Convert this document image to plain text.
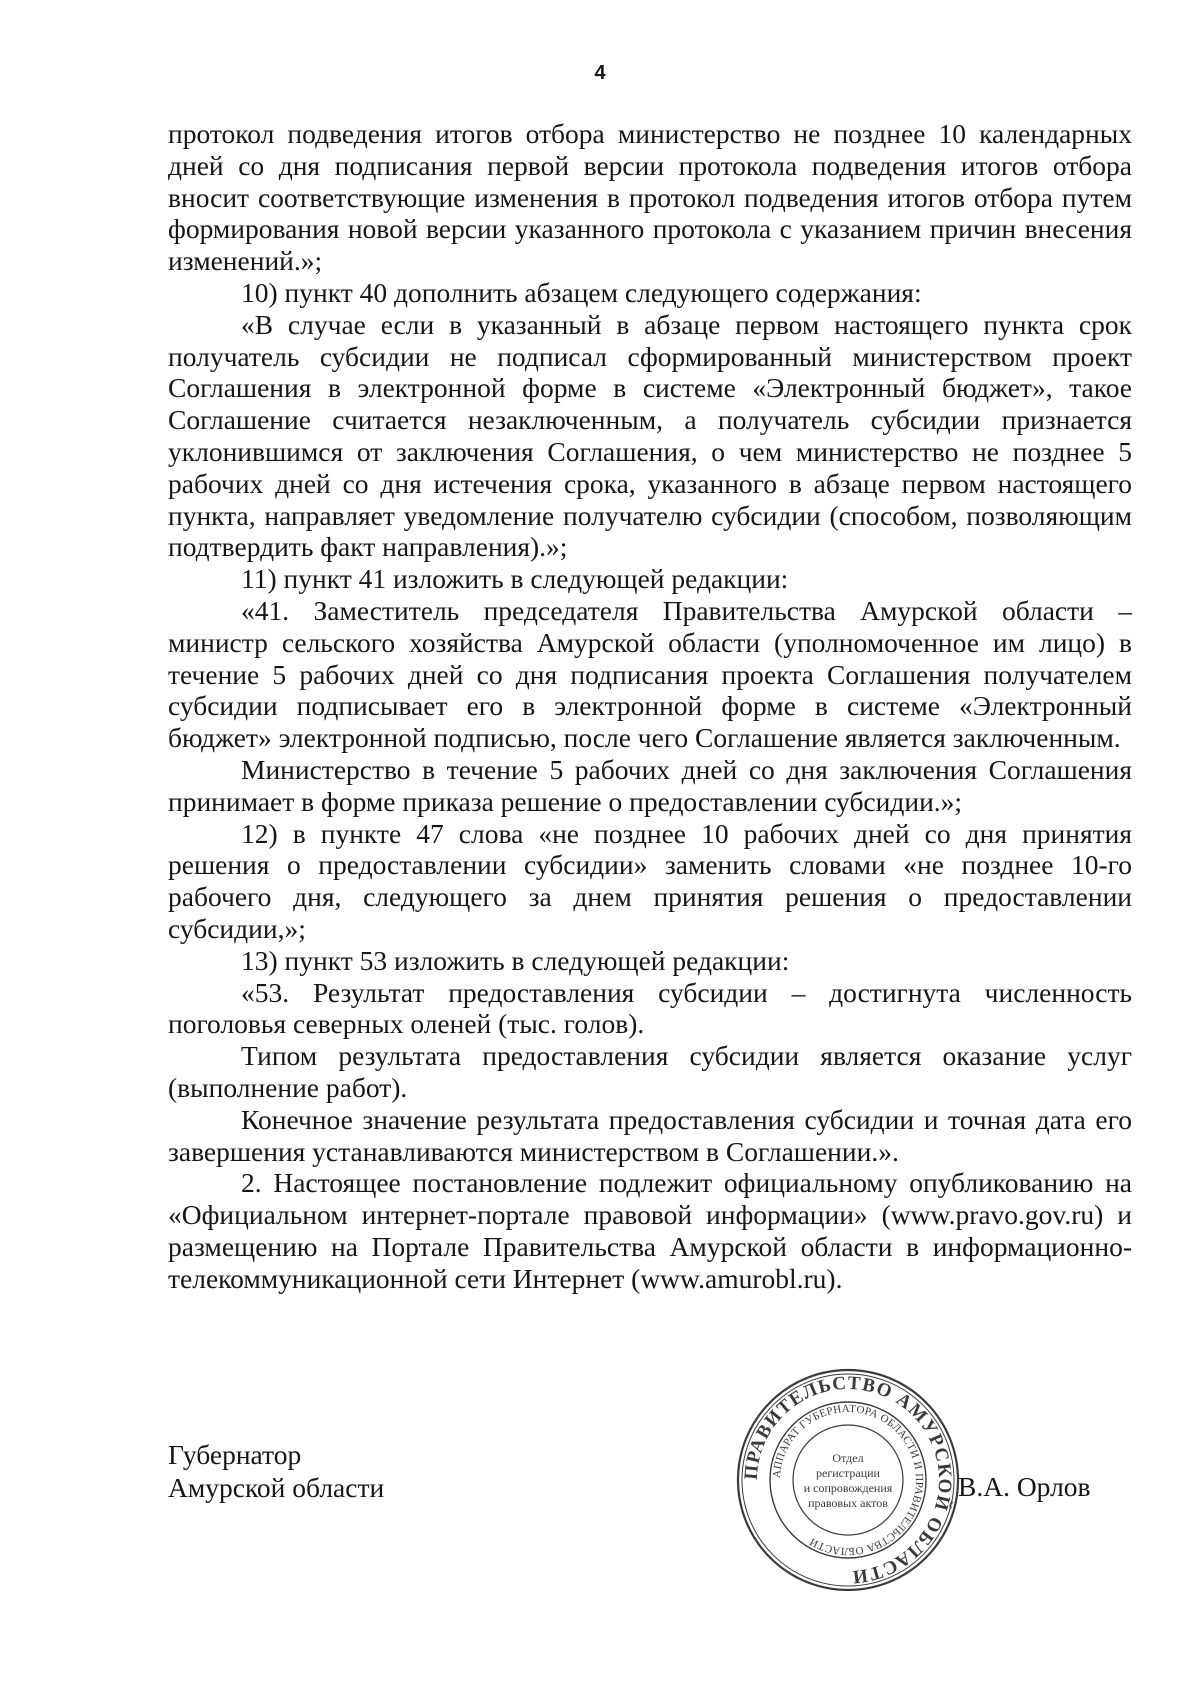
4

протокол подведения итогов отбора министерство не позднее 10 календарных дней со дня подписания первой версии протокола подведения итогов отбора вносит соответствующие изменения в протокол подведения итогов отбора путем формирования новой версии указанного протокола с указанием причин внесения изменений.»;

10) пункт 40 дополнить абзацем следующего содержания:

«В случае если в указанный в абзаце первом настоящего пункта срок получатель субсидии не подписал сформированный министерством проект Соглашения в электронной форме в системе «Электронный бюджет», такое Соглашение считается незаключенным, а получатель субсидии признается уклонившимся от заключения Соглашения, о чем министерство не позднее 5 рабочих дней со дня истечения срока, указанного в абзаце первом настоящего пункта, направляет уведомление получателю субсидии (способом, позволяющим подтвердить факт направления).»;

11) пункт 41 изложить в следующей редакции:

«41. Заместитель председателя Правительства Амурской области – министр сельского хозяйства Амурской области (уполномоченное им лицо) в течение 5 рабочих дней со дня подписания проекта Соглашения получателем субсидии подписывает его в электронной форме в системе «Электронный бюджет» электронной подписью, после чего Соглашение является заключенным.

Министерство в течение 5 рабочих дней со дня заключения Соглашения принимает в форме приказа решение о предоставлении субсидии.»;

12) в пункте 47 слова «не позднее 10 рабочих дней со дня принятия решения о предоставлении субсидии» заменить словами «не позднее 10-го рабочего дня, следующего за днем принятия решения о предоставлении субсидии,»;

13) пункт 53 изложить в следующей редакции:

«53. Результат предоставления субсидии – достигнута численность поголовья северных оленей (тыс. голов).

Типом результата предоставления субсидии является оказание услуг (выполнение работ).

Конечное значение результата предоставления субсидии и точная дата его завершения устанавливаются министерством в Соглашении.».

2. Настоящее постановление подлежит официальному опубликованию на «Официальном интернет-портале правовой информации» (www.pravo.gov.ru) и размещению на Портале Правительства Амурской области в информационно-телекоммуникационной сети Интернет (www.amurobl.ru).

Губернатор
Амурской области	В.А. Орлов
ПРАВИТЕЛЬСТВО АМУРСКОЙ ОБЛАСТИ
АППАРАТ ГУБЕРНАТОРА ОБЛАСТИ И ПРАВИТЕЛЬСТВА ОБЛАСТИ
Отдел
регистрации
и сопровождения
правовых актов
